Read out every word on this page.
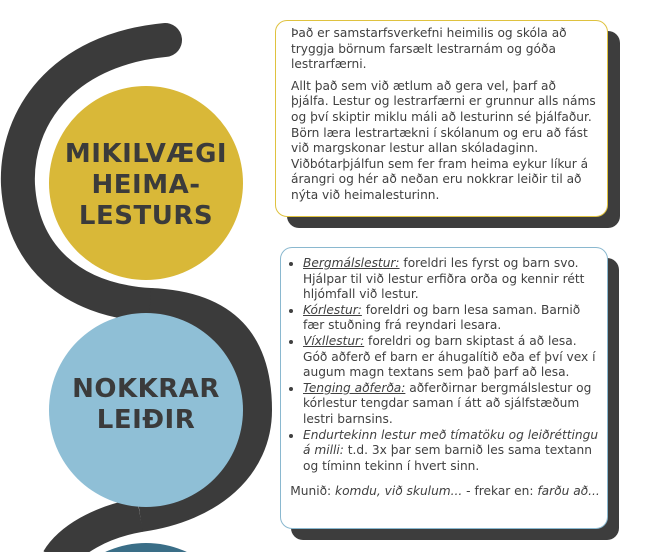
MIKILVÆGI
HEIMA-
LESTURS
NOKKRAR
LEIÐIR

Það er samstarfsverkefni heimilis og skóla að tryggja börnum farsælt lestrarnám og góða lestrarfærni.

Allt það sem við ætlum að gera vel, þarf að þjálfa. Lestur og lestrarfærni er grunnur alls náms og því skiptir miklu máli að lesturinn sé þjálfaður. Börn læra lestrartækni í skólanum og eru að fást við margskonar lestur allan skóladaginn. Viðbótarþjálfun sem fer fram heima eykur líkur á árangri og hér að neðan eru nokkrar leiðir til að nýta við heimalesturinn.

• Bergmálslestur: foreldri les fyrst og barn svo. Hjálpar til við lestur erfiðra orða og kennir rétt hljómfall við lestur.
• Kórlestur: foreldri og barn lesa saman. Barnið fær stuðning frá reyndari lesara.
• Víxllestur: foreldri og barn skiptast á að lesa. Góð aðferð ef barn er áhugalítið eða ef því vex í augum magn textans sem það þarf að lesa.
• Tenging aðferða: aðferðirnar bergmálslestur og kórlestur tengdar saman í átt að sjálfstæðum lestri barnsins.
• Endurtekinn lestur með tímatöku og leiðréttingu á milli: t.d. 3x þar sem barnið les sama textann og tíminn tekinn í hvert sinn.
Munið: komdu, við skulum... - frekar en: farðu að...
